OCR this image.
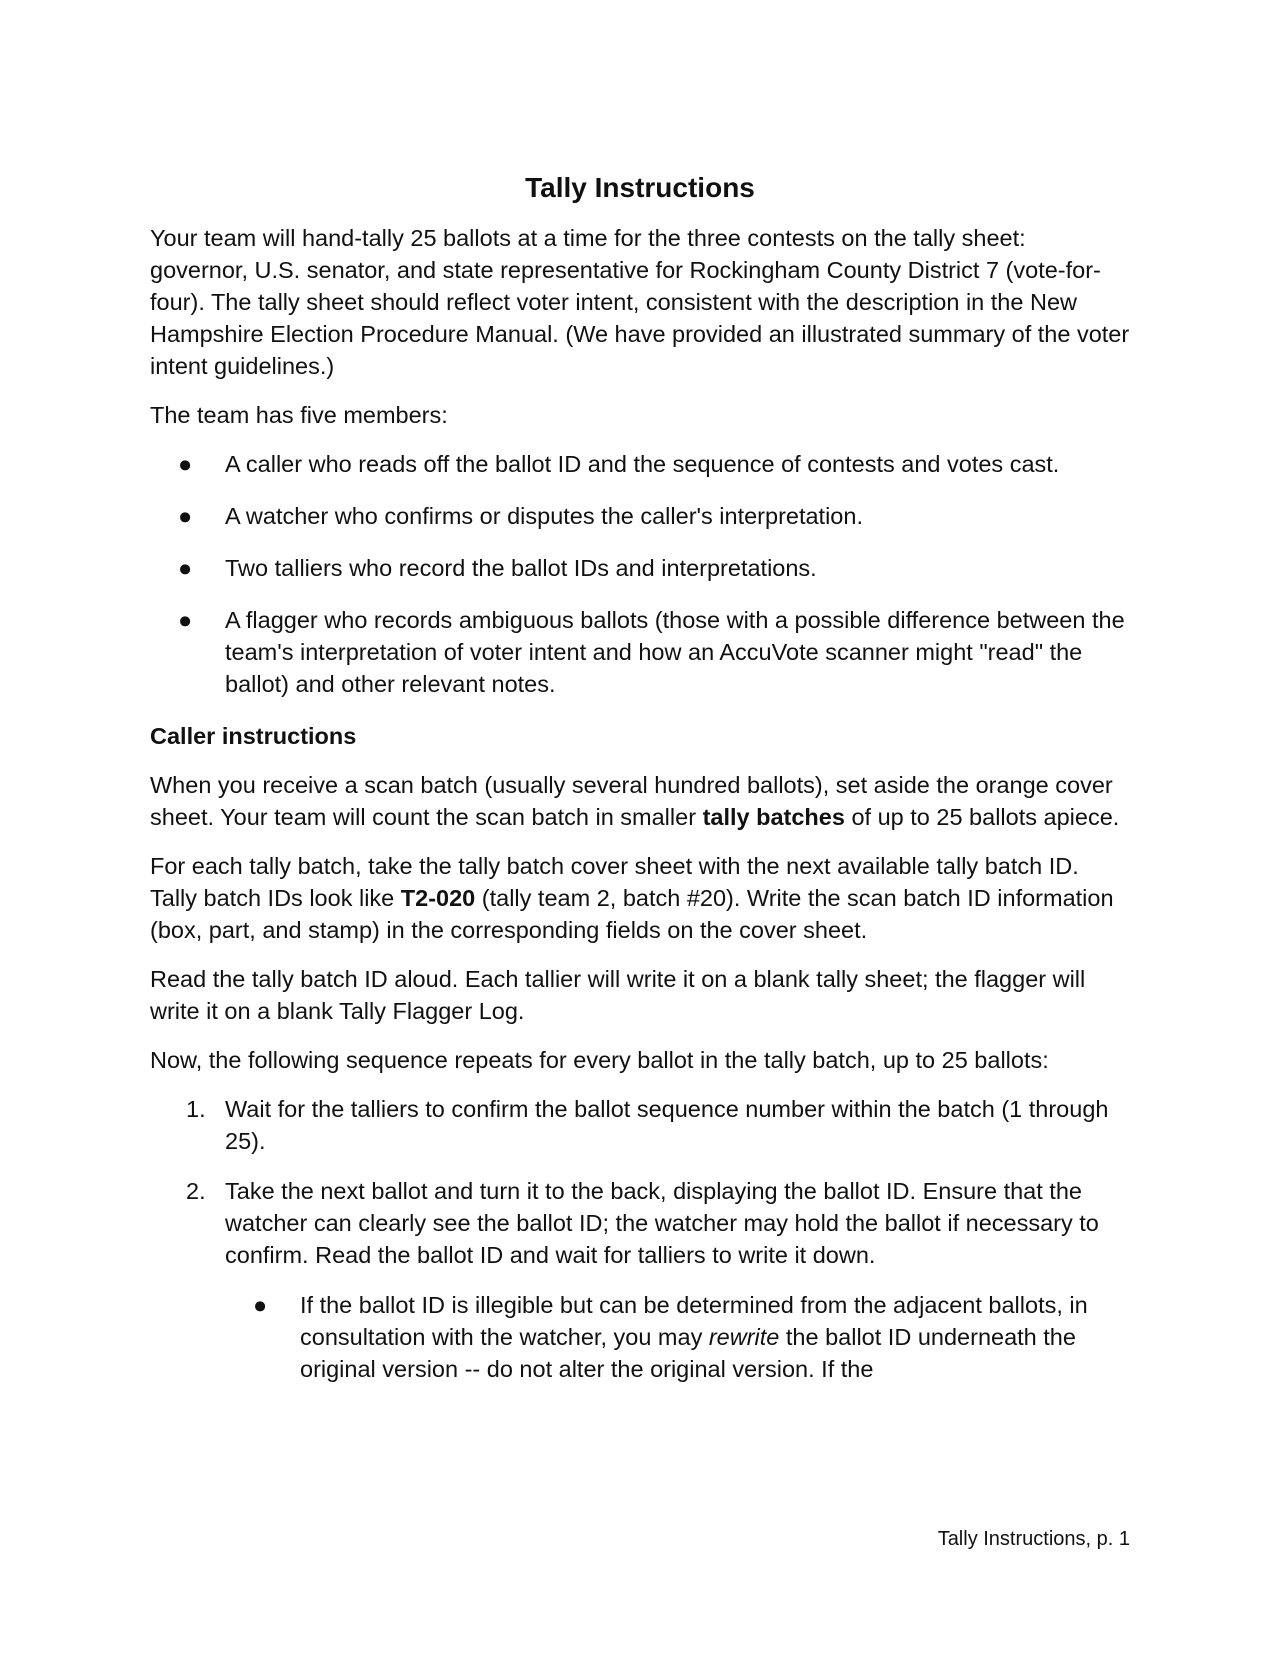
Tally Instructions

Your team will hand-tally 25 ballots at a time for the three contests on the tally sheet: governor, U.S. senator, and state representative for Rockingham County District 7 (vote-for-four). The tally sheet should reflect voter intent, consistent with the description in the New Hampshire Election Procedure Manual. (We have provided an illustrated summary of the voter intent guidelines.)

The team has five members:

● A caller who reads off the ballot ID and the sequence of contests and votes cast.
● A watcher who confirms or disputes the caller's interpretation.
● Two talliers who record the ballot IDs and interpretations.
● A flagger who records ambiguous ballots (those with a possible difference between the team's interpretation of voter intent and how an AccuVote scanner might "read" the ballot) and other relevant notes.
Caller instructions

When you receive a scan batch (usually several hundred ballots), set aside the orange cover sheet. Your team will count the scan batch in smaller tally batches of up to 25 ballots apiece.

For each tally batch, take the tally batch cover sheet with the next available tally batch ID. Tally batch IDs look like T2-020 (tally team 2, batch #20). Write the scan batch ID information (box, part, and stamp) in the corresponding fields on the cover sheet.

Read the tally batch ID aloud. Each tallier will write it on a blank tally sheet; the flagger will write it on a blank Tally Flagger Log.

Now, the following sequence repeats for every ballot in the tally batch, up to 25 ballots:

1. Wait for the talliers to confirm the ballot sequence number within the batch (1 through 25).
2. Take the next ballot and turn it to the back, displaying the ballot ID. Ensure that the watcher can clearly see the ballot ID; the watcher may hold the ballot if necessary to confirm. Read the ballot ID and wait for talliers to write it down.
● If the ballot ID is illegible but can be determined from the adjacent ballots, in consultation with the watcher, you may rewrite the ballot ID underneath the original version -- do not alter the original version. If the
Tally Instructions, p. 1
